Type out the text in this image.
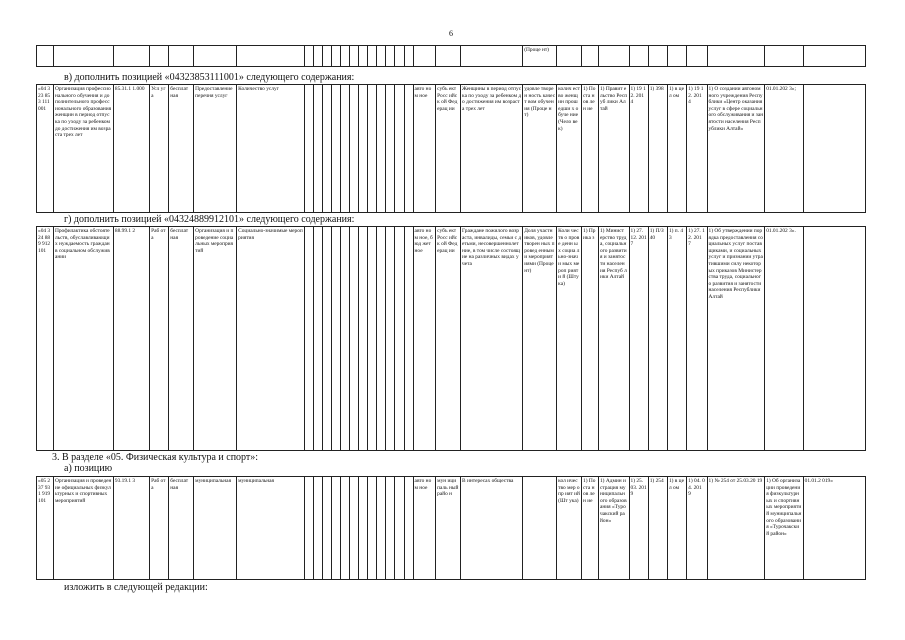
6
																						(Проце нт)										
в) дополнить позицией «04323853111001» следующего содержания:
«04 323 853 111 001	Организация профессионального обучения и дополнительного профессионального образования женщин в период отпуска по уходу за ребенком до достижения им возраста трех лет	85.31.1 1.000	Усл уга	бесплат ная	Предоставление перечня услуг	Количество услуг													авто ном ное	субъ ект Росс ийск ой Фед ерац ии	Женщины в период отпуска по уходу за ребенком до достижения им возраста трех лет	удовле творен ность качест вом обучен ия (Проце нт)	колич ество женщ ин прош едши х обуче ние (Чело век)	1) По ста нов лен ие	1) Правит ельство Респуб лики Алтай	1) 19 12. 201 4	1) 398	1) в цел ом	1) 19 12. 201 4	1) О создании автономного учреждения Республики «Центр оказания услуг в сфере социального обслуживания и занятости населения Республики Алтай»	01.01.202 3»;	
г) дополнить позицией «04324889912101» следующего содержания:
«04 324 889 912 101	Профилактика обстоятельств, обуславливающих нуждаемость граждан в социальном обслуживании	88.99.1 2	Раб ота	бесплат ная	Организация и проведение социальных мероприятий	Социально-значимые мероприятия													авто ном ное, бюд жет ное	субъ ект Росс ийск ой Фед ерац ии	Граждане пожилого возраста, инвалиды, семьи с детьми, несовершеннолетние, в том числе состоящие на различных видах учета	Доля участн иков, удовле творен ных провед енными мероприятиями (Проце нт)	Коли честв о прове денн ых социа льно-значи мых мероп рияти й (Шту ка)	1) Пр ика з	1) Минист ерство труда, социального развития и занятости населения Респуб лики Алтай	1) 27. 12. 201 7	1) П/З 40	1) п. 43	1) 27. 12. 201 7	1) Об утверждении порядка предоставления социальных услуг поставщиками, и социальных услуг и признании утратившими силу некоторых приказов Министерства труда, социального развития и занятости населения Республики Алтай	01.01.202 3».	
3. В разделе «05. Физическая культура и спорт»:
а) позицию
«05 237 931 919 101	Организация и проведение официальных физкультурных и спортивных мероприятий	93.19.1 3	Раб ота	бесплат ная	муниципальная	муниципальная													авто ном ное	мун ици паль ный райо н	В интересах общества		кол ичес тво мер опр ият ий (Шт ука)	1) По ста нов лен ие	1) Админ истрация муниципального образования «Турочакский район»	1) 25. 03. 201 9	1) 254	1) в цел ом	1) 04. 04. 201 9	1) № 254 от 25.03.20 19	1) Об организации проведения физкультурных и спортивных мероприятий муниципального образования «Турочакский район»	01.01.2 019»
изложить в следующей редакции:
